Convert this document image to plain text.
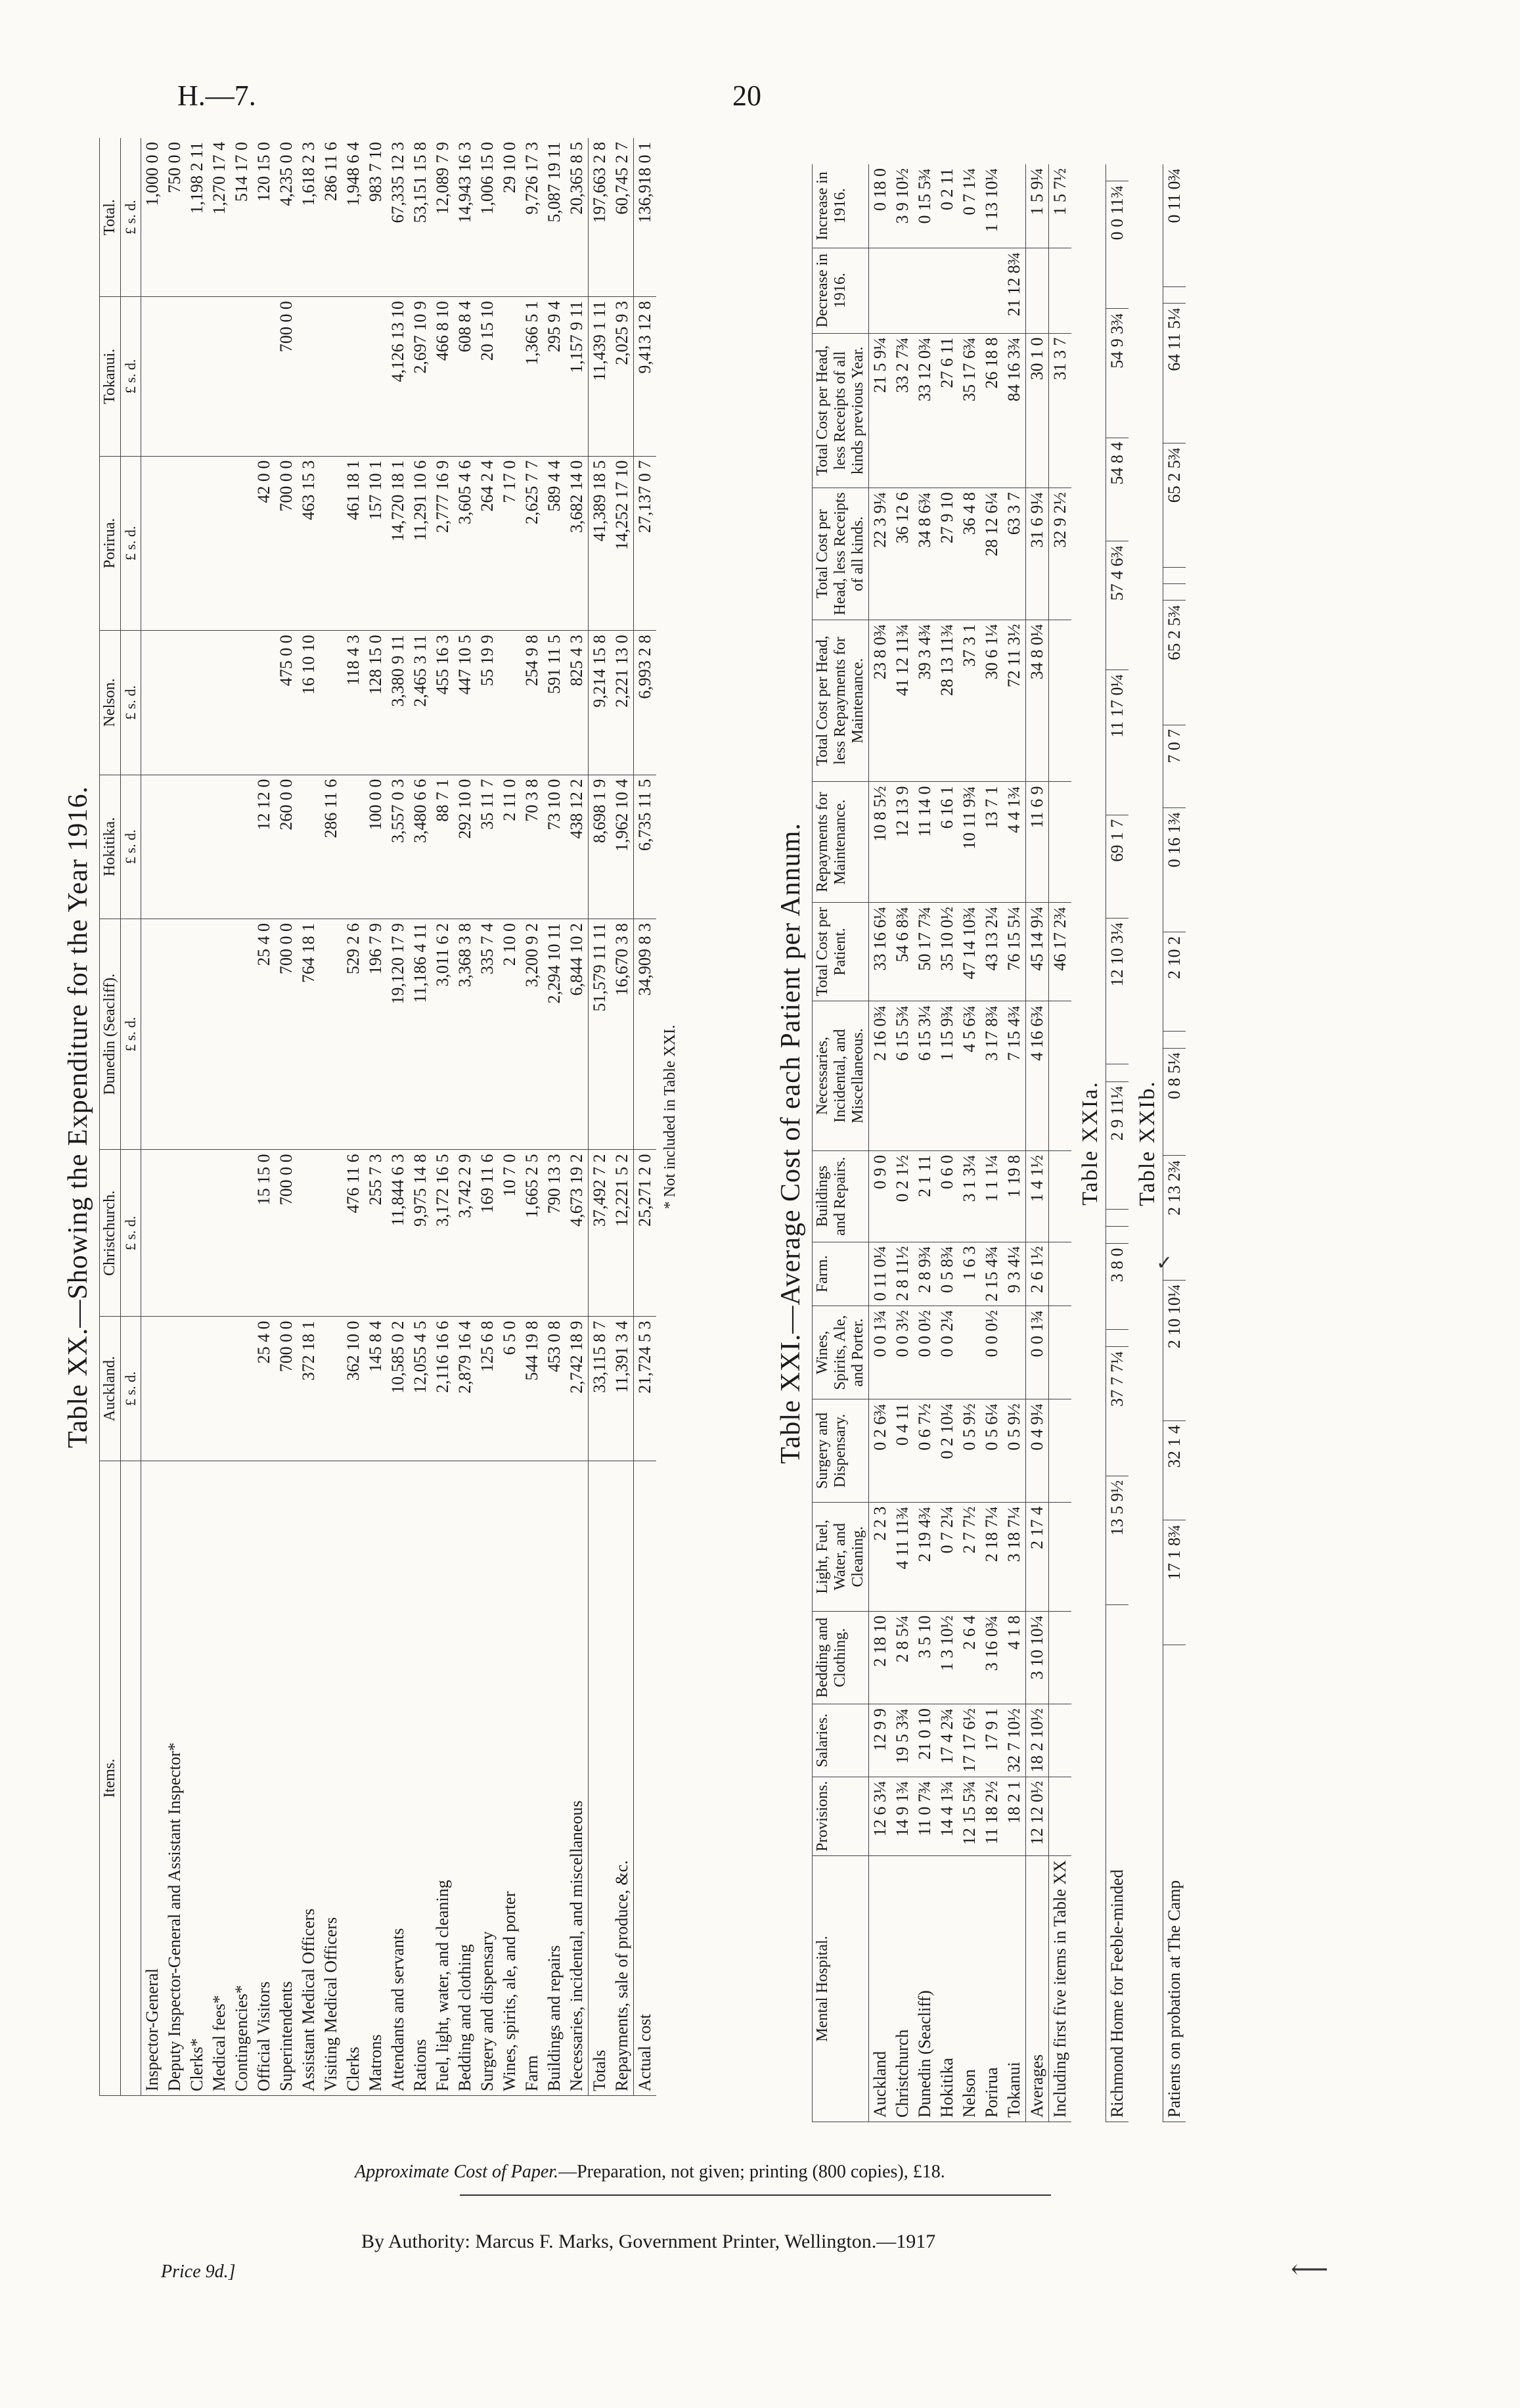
H.—7.	20
Table XX.—Showing the Expenditure for the Year 1916.
Items.	Auckland.	Christchurch.	Dunedin (Seacliff).	Hokitika.	Nelson.	Porirua.	Tokanui.	Total.
	£ s. d.	£ s. d.	£ s. d.	£ s. d.	£ s. d.	£ s. d.	£ s. d.	£ s. d.
Inspector-General								1,000 0 0
Deputy Inspector-General and Assistant Inspector*								750 0 0
Clerks*								1,198 2 11
Medical fees*								1,270 17 4
Contingencies*								514 17 0
Official Visitors	25 4 0	15 15 0	25 4 0	12 12 0		42 0 0		120 15 0
Superintendents	700 0 0	700 0 0	700 0 0	260 0 0	475 0 0	700 0 0	700 0 0	4,235 0 0
Assistant Medical Officers	372 18 1		764 18 1		16 10 10	463 15 3		1,618 2 3
Visiting Medical Officers				286 11 6				286 11 6
Clerks	362 10 0	476 11 6	529 2 6		118 4 3	461 18 1		1,948 6 4
Matrons	145 8 4	255 7 3	196 7 9	100 0 0	128 15 0	157 10 1		983 7 10
Attendants and servants	10,585 0 2	11,844 6 3	19,120 17 9	3,557 0 3	3,380 9 11	14,720 18 1	4,126 13 10	67,335 12 3
Rations	12,055 4 5	9,975 14 8	11,186 4 11	3,480 6 6	2,465 3 11	11,291 10 6	2,697 10 9	53,151 15 8
Fuel, light, water, and cleaning	2,116 16 6	3,172 16 5	3,011 6 2	88 7 1	455 16 3	2,777 16 9	466 8 10	12,089 7 9
Bedding and clothing	2,879 16 4	3,742 2 9	3,368 3 8	292 10 0	447 10 5	3,605 4 6	608 8 4	14,943 16 3
Surgery and dispensary	125 6 8	169 11 6	335 7 4	35 11 7	55 19 9	264 2 4	20 15 10	1,006 15 0
Wines, spirits, ale, and porter	6 5 0	10 7 0	2 10 0	2 11 0		7 17 0		29 10 0
Farm	544 19 8	1,665 2 5	3,200 9 2	70 3 8	254 9 8	2,625 7 7	1,366 5 1	9,726 17 3
Buildings and repairs	453 0 8	790 13 3	2,294 10 11	73 10 0	591 11 5	589 4 4	295 9 4	5,087 19 11
Necessaries, incidental, and miscellaneous	2,742 18 9	4,673 19 2	6,844 10 2	438 12 2	825 4 3	3,682 14 0	1,157 9 11	20,365 8 5
Totals	33,115 8 7	37,492 7 2	51,579 11 11	8,698 1 9	9,214 15 8	41,389 18 5	11,439 1 11	197,663 2 8
Repayments, sale of produce, &c.	11,391 3 4	12,221 5 2	16,670 3 8	1,962 10 4	2,221 13 0	14,252 17 10	2,025 9 3	60,745 2 7
Actual cost	21,724 5 3	25,271 2 0	34,909 8 3	6,735 11 5	6,993 2 8	27,137 0 7	9,413 12 8	136,918 0 1
* Not included in Table XXI.	Table XXI.—Average Cost of each Patient per Annum.
Mental Hospital.	Provisions.	Salaries.	Bedding and Clothing.	Light, Fuel, Water, and Cleaning.	Surgery and Dispensary.	Wines, Spirits, Ale, and Porter.	Farm.	Buildings and Repairs.	Necessaries, Incidental, and Miscellaneous.	Total Cost per Patient.	Repayments for Maintenance.	Total Cost per Head, less Repayments for Maintenance.	Total Cost per Head, less Receipts of all kinds.	Total Cost per Head, less Receipts of all kinds previous Year.	Decrease in 1916.	Increase in 1916.
Auckland	12 6 3¼	12 9 9	2 18 10	2 2 3	0 2 6¾	0 0 1¾	0 11 0¼	0 9 0	2 16 0¾	33 16 6¼	10 8 5½	23 8 0¾	22 3 9¼	21 5 9¼		0 18 0
Christchurch	14 9 1¾	19 5 3¾	2 8 5¼	4 11 11¾	0 4 11	0 0 3½	2 8 11½	0 2 1½	6 15 5¾	54 6 8¾	12 13 9	41 12 11¾	36 12 6	33 2 7¾		3 9 10½
Dunedin (Seacliff)	11 0 7¾	21 0 10	3 5 10	2 19 4¾	0 6 7½	0 0 0½	2 8 9¾	2 1 11	6 15 3¼	50 17 7¾	11 14 0	39 3 4¾	34 8 6¾	33 12 0¾		0 15 5¾
Hokitika	14 4 1¾	17 4 2¾	1 3 10½	0 7 2¼	0 2 10¼	0 0 2¼	0 5 8¾	0 6 0	1 15 9¾	35 10 0½	6 16 1	28 13 11¾	27 9 10	27 6 11		0 2 11
Nelson	12 15 5¾	17 17 6½	2 6 4	2 7 7½	0 5 9½		1 6 3	3 1 3¼	4 5 6¾	47 14 10¾	10 11 9¾	37 3 1	36 4 8	35 17 6¾		0 7 1¼
Porirua	11 18 2½	17 9 1	3 16 0¾	2 18 7¼	0 5 6¼	0 0 0½	2 15 4¾	1 1 1¼	3 17 8¾	43 13 2¼	13 7 1	30 6 1¼	28 12 6¼	26 18 8		1 13 10¼
Tokanui	18 2 1	32 7 10½	4 1 8	3 18 7¼	0 5 9½		9 3 4¼	1 19 8	7 15 4¾	76 15 5¼	4 4 1¾	72 11 3½	63 3 7	84 16 3¾	21 12 8¾	
Averages	12 12 0½	18 2 10½	3 10 10¼	2 17 4	0 4 9¼	0 0 1¾	2 6 1½	1 4 1½	4 16 6¾	45 14 9¼	11 6 9	34 8 0¼	31 6 9¼	30 1 0		1 5 9¼
Including first five items in Table XX										46 17 2¾			32 9 2½	31 3 7		1 5 7½
Table XXIa.
Richmond Home for Feeble-minded	13 5 9½	37 7 7¼		3 8 0			2 9 11¼		12 10 3¼	69 1 7	11 17 0¼	57 4 6¾	54 8 4	54 9 3¾	0 0 11¾	
Table XXIb.
Patients on probation at The Camp	17 1 8¾	32 1 4	2 10 10¼	2 13 2¾	0 8 5¼		2 10 2	0 16 1¾	7 0 7	65 2 5¾			65 2 5¾	64 11 5¼		0 11 0¾
✓
Approximate Cost of Paper.—Preparation, not given; printing (800 copies), £18.
By Authority: Marcus F. Marks, Government Printer, Wellington.—1917
Price 9d.]	⟵
